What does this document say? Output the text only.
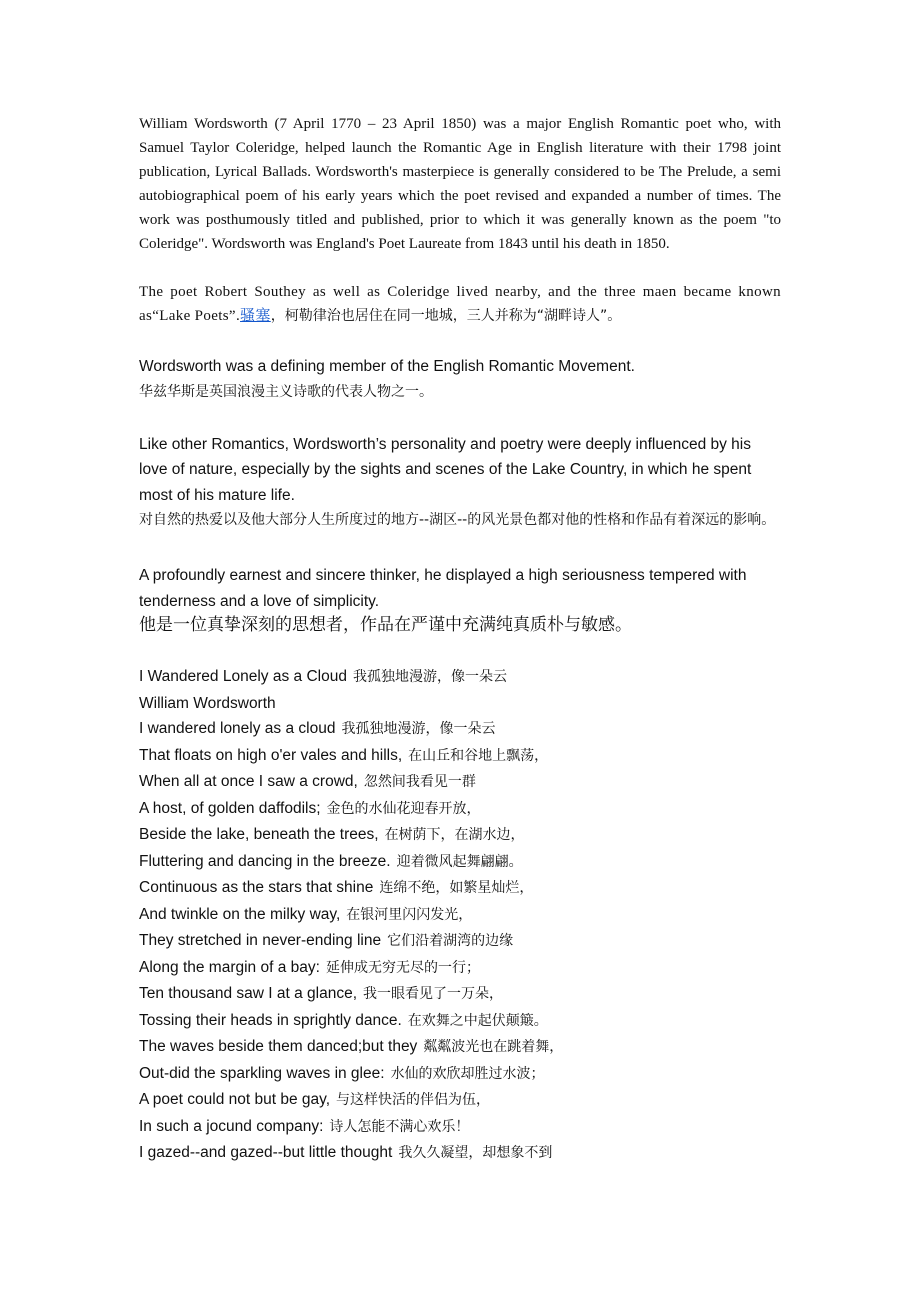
William Wordsworth (7 April 1770 – 23 April 1850) was a major English Romantic poet who, with Samuel Taylor Coleridge, helped launch the Romantic Age in English literature with their 1798 joint publication, Lyrical Ballads. Wordsworth's masterpiece is generally considered to be The Prelude, a semi autobiographical poem of his early years which the poet revised and expanded a number of times. The work was posthumously titled and published, prior to which it was generally known as the poem "to Coleridge". Wordsworth was England's Poet Laureate from 1843 until his death in 1850.

The poet Robert Southey as well as Coleridge lived nearby, and the three maen became known as“Lake Poets”.骚塞，柯勒律治也居住在同一地城，三人并称为“湖畔诗人”。

Wordsworth was a defining member of the English Romantic Movement.
华兹华斯是英国浪漫主义诗歌的代表人物之一。
Like other Romantics, Wordsworth’s personality and poetry were deeply influenced by his love of nature, especially by the sights and scenes of the Lake Country, in which he spent most of his mature life.
对自然的热爱以及他大部分人生所度过的地方--湖区--的风光景色都对他的性格和作品有着深远的影响。
A profoundly earnest and sincere thinker, he displayed a high seriousness tempered with tenderness and a love of simplicity.
他是一位真挚深刻的思想者，作品在严谨中充满纯真质朴与敏感。
I Wandered Lonely as a Cloud 我孤独地漫游，像一朵云
William Wordsworth
I wandered lonely as a cloud 我孤独地漫游，像一朵云
That floats on high o'er vales and hills, 在山丘和谷地上飘荡，
When all at once I saw a crowd, 忽然间我看见一群
A host, of golden daffodils; 金色的水仙花迎春开放，
Beside the lake, beneath the trees, 在树荫下，在湖水边，
Fluttering and dancing in the breeze. 迎着微风起舞翩翩。
Continuous as the stars that shine 连绵不绝，如繁星灿烂，
And twinkle on the milky way, 在银河里闪闪发光，
They stretched in never-ending line 它们沿着湖湾的边缘
Along the margin of a bay: 延伸成无穷无尽的一行；
Ten thousand saw I at a glance, 我一眼看见了一万朵，
Tossing their heads in sprightly dance. 在欢舞之中起伏颠簸。
The waves beside them danced;but they 粼粼波光也在跳着舞，
Out-did the sparkling waves in glee: 水仙的欢欣却胜过水波；
A poet could not but be gay, 与这样快活的伴侣为伍，
In such a jocund company: 诗人怎能不满心欢乐！
I gazed--and gazed--but little thought 我久久凝望，却想象不到
